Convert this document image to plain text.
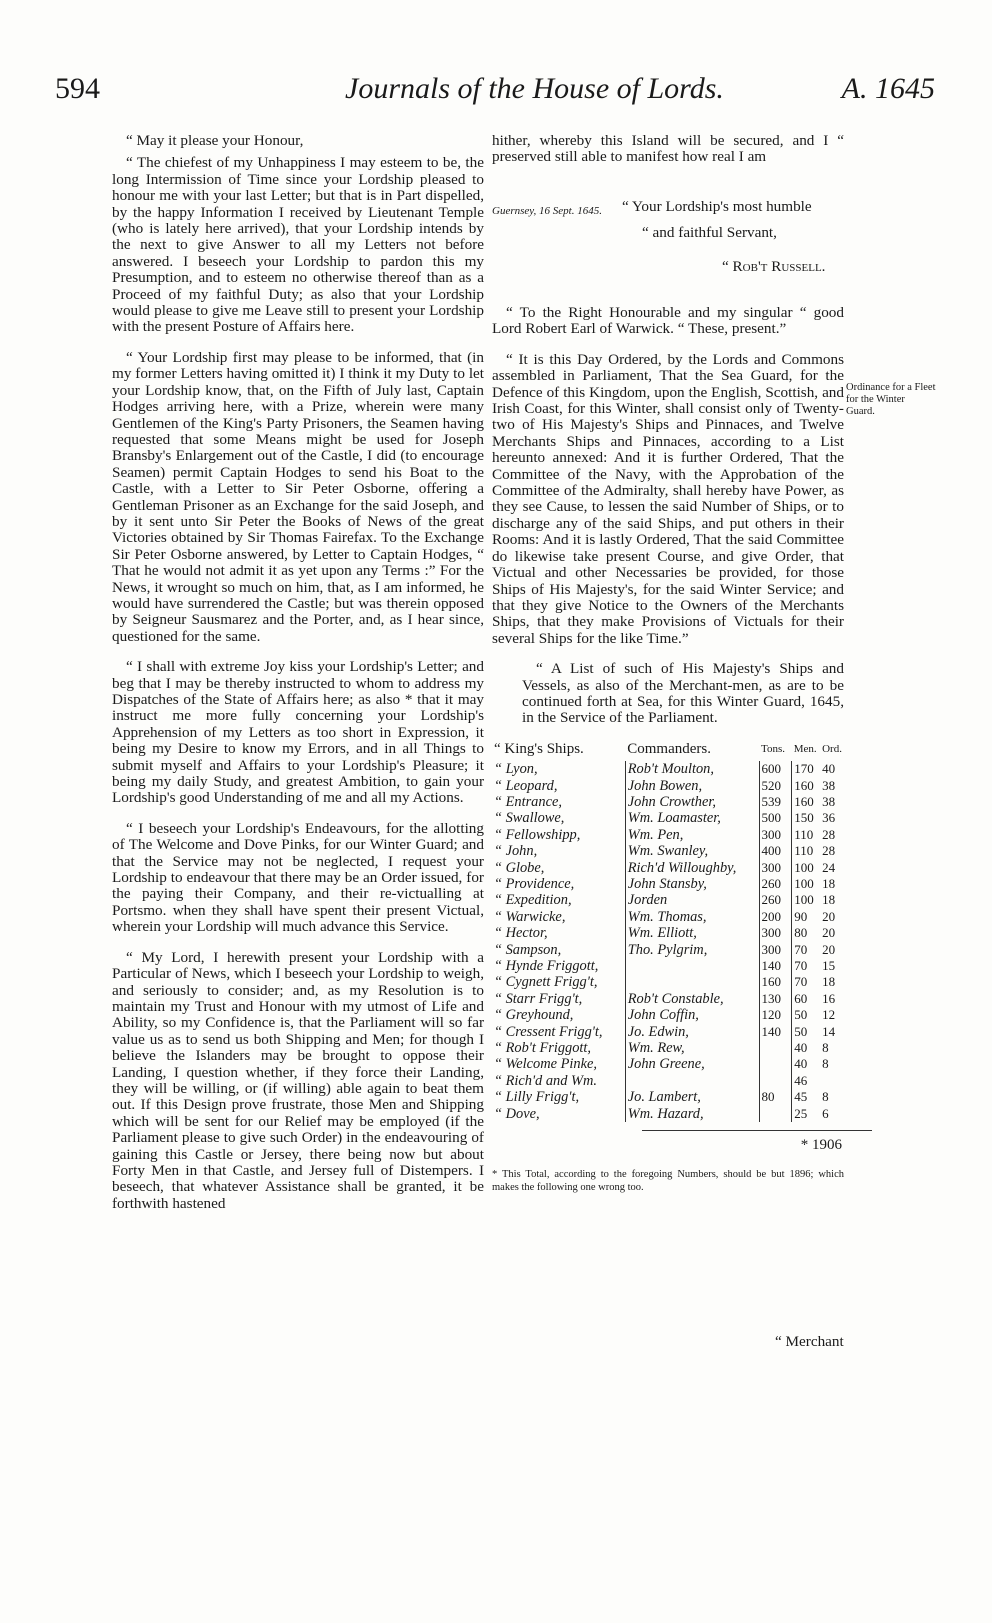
594	Journals of the House of Lords.	A. 1645

“ May it please your Honour,

“ The chiefest of my Unhappiness I may esteem to be, the long Intermission of Time since your Lordship pleased to honour me with your last Letter; but that is in Part dispelled, by the happy Information I received by Lieutenant Temple (who is lately here arrived), that your Lordship intends by the next to give Answer to all my Letters not before answered. I beseech your Lordship to pardon this my Presumption, and to esteem no otherwise thereof than as a Proceed of my faithful Duty; as also that your Lordship would please to give me Leave still to present your Lordship with the present Posture of Affairs here.

“ Your Lordship first may please to be informed, that (in my former Letters having omitted it) I think it my Duty to let your Lordship know, that, on the Fifth of July last, Captain Hodges arriving here, with a Prize, wherein were many Gentlemen of the King's Party Prisoners, the Seamen having requested that some Means might be used for Joseph Bransby's Enlargement out of the Castle, I did (to encourage Seamen) permit Captain Hodges to send his Boat to the Castle, with a Letter to Sir Peter Osborne, offering a Gentleman Prisoner as an Exchange for the said Joseph, and by it sent unto Sir Peter the Books of News of the great Victories obtained by Sir Thomas Fairefax. To the Exchange Sir Peter Osborne answered, by Letter to Captain Hodges, “ That he would not admit it as yet upon any Terms :” For the News, it wrought so much on him, that, as I am informed, he would have surrendered the Castle; but was therein opposed by Seigneur Sausmarez and the Porter, and, as I hear since, questioned for the same.

“ I shall with extreme Joy kiss your Lordship's Letter; and beg that I may be thereby instructed to whom to address my Dispatches of the State of Affairs here; as also * that it may instruct me more fully concerning your Lordship's Apprehension of my Letters as too short in Expression, it being my Desire to know my Errors, and in all Things to submit myself and Affairs to your Lordship's Pleasure; it being my daily Study, and greatest Ambition, to gain your Lordship's good Understanding of me and all my Actions.

“ I beseech your Lordship's Endeavours, for the allotting of The Welcome and Dove Pinks, for our Winter Guard; and that the Service may not be neglected, I request your Lordship to endeavour that there may be an Order issued, for the paying their Company, and their re-victualling at Portsmo. when they shall have spent their present Victual, wherein your Lordship will much advance this Service.

“ My Lord, I herewith present your Lordship with a Particular of News, which I beseech your Lordship to weigh, and seriously to consider; and, as my Resolution is to maintain my Trust and Honour with my utmost of Life and Ability, so my Confidence is, that the Parliament will so far value us as to send us both Shipping and Men; for though I believe the Islanders may be brought to oppose their Landing, I question whether, if they force their Landing, they will be willing, or (if willing) able again to beat them out. If this Design prove frustrate, those Men and Shipping which will be sent for our Relief may be employed (if the Parliament please to give such Order) in the endeavouring of gaining this Castle or Jersey, there being now but about Forty Men in that Castle, and Jersey full of Distempers. I beseech, that whatever Assistance shall be granted, it be forthwith hastened

hither, whereby this Island will be secured, and I “ preserved still able to manifest how real I am
Guernsey, 16 Sept. 1645. “ Your Lordship's most humble
“ and faithful Servant,
“ Rob't Russell.

“ To the Right Honourable and my singular “ good Lord Robert Earl of Warwick. “ These, present.”

“ It is this Day Ordered, by the Lords and Commons assembled in Parliament, That the Sea Guard, for the Defence of this Kingdom, upon the English, Scottish, and Irish Coast, for this Winter, shall consist only of Twenty-two of His Majesty's Ships and Pinnaces, and Twelve Merchants Ships and Pinnaces, according to a List hereunto annexed: And it is further Ordered, That the Committee of the Navy, with the Approbation of the Committee of the Admiralty, shall hereby have Power, as they see Cause, to lessen the said Number of Ships, or to discharge any of the said Ships, and put others in their Rooms: And it is lastly Ordered, That the said Committee do likewise take present Course, and give Order, that Victual and other Necessaries be provided, for those Ships of His Majesty's, for the said Winter Service; and that they give Notice to the Owners of the Merchants Ships, that they make Provisions of Victuals for their several Ships for the like Time.”

“ A List of such of His Majesty's Ships and Vessels, as also of the Merchant-men, as are to be continued forth at Sea, for this Winter Guard, 1645, in the Service of the Parliament.

“ King's Ships.	Commanders.	Tons.	Men.	Ord.
“ Lyon,	Rob't Moulton,	600	170	40
“ Leopard,	John Bowen,	520	160	38
“ Entrance,	John Crowther,	539	160	38
“ Swallowe,	Wm. Loamaster,	500	150	36
“ Fellowshipp,	Wm. Pen,	300	110	28
“ John,	Wm. Swanley,	400	110	28
“ Globe,	Rich'd Willoughby,	300	100	24
“ Providence,	John Stansby,	260	100	18
“ Expedition,	Jorden	260	100	18
“ Warwicke,	Wm. Thomas,	200	90	20
“ Hector,	Wm. Elliott,	300	80	20
“ Sampson,	Tho. Pylgrim,	300	70	20
“ Hynde Friggott,		140	70	15
“ Cygnett Frigg't,		160	70	18
“ Starr Frigg't,	Rob't Constable,	130	60	16
“ Greyhound,	John Coffin,	120	50	12
“ Cressent Frigg't,	Jo. Edwin,	140	50	14
“ Rob't Friggott,	Wm. Rew,		40	8
“ Welcome Pinke,	John Greene,		40	8
“ Rich'd and Wm.			46	
“ Lilly Frigg't,	Jo. Lambert,	80	45	8
“ Dove,	Wm. Hazard,		25	6
* 1906
* This Total, according to the foregoing Numbers, should be but 1896; which makes the following one wrong too.
Ordinance for a Fleet for the Winter Guard.
“ Merchant
